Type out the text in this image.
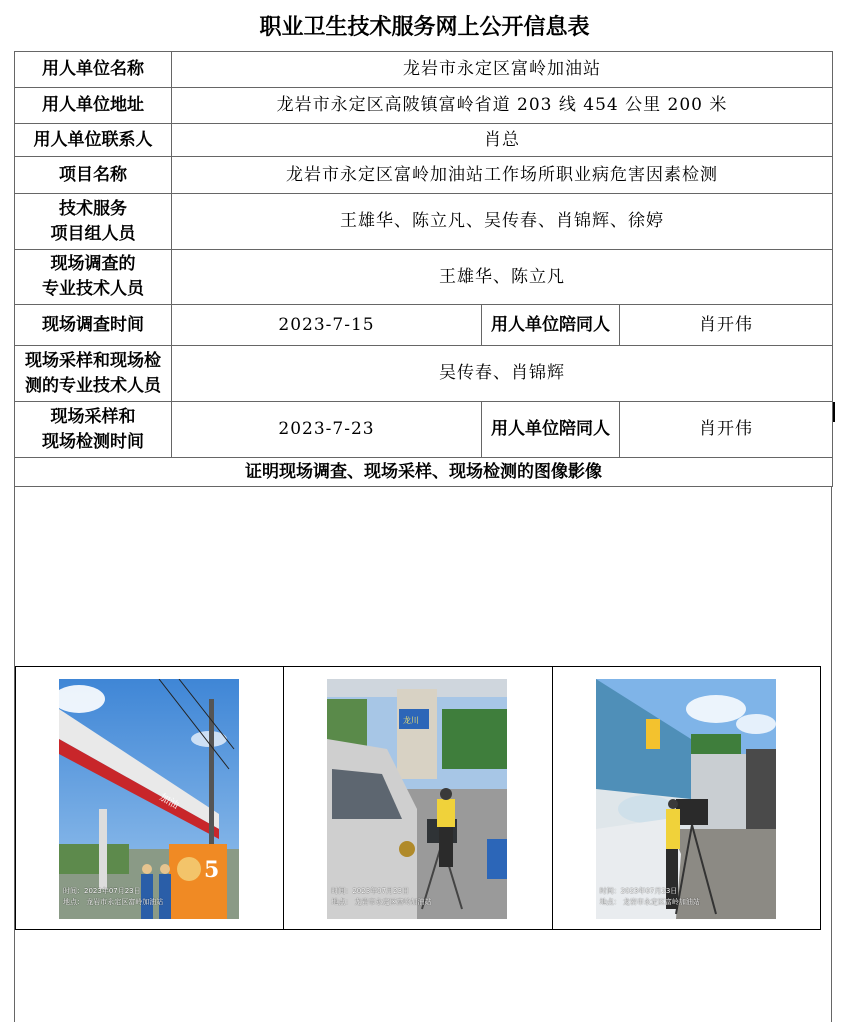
职业卫生技术服务网上公开信息表
用人单位名称	龙岩市永定区富岭加油站		
用人单位地址	龙岩市永定区高陂镇富岭省道 203 线 454 公里 200 米		
用人单位联系人	肖总		
项目名称	龙岩市永定区富岭加油站工作场所职业病危害因素检测		

技术服务
项目组人员	王雄华、陈立凡、吴传春、肖锦辉、徐婷		

现场调查的
专业技术人员	王雄华、陈立凡		
现场调查时间	2023-7-15	用人单位陪同人	肖开伟

现场采样和现场检
测的专业技术人员	吴传春、肖锦辉		

现场采样和
现场检测时间	2023-7-23	用人单位陪同人	肖开伟
证明现场调查、现场采样、现场检测的图像影像			
加油
5
时间：2023年07月23日
地点： 龙岩市永定区富岭加油站
龙川
时间：2023年07月23日
地点： 龙岩市永定区富岭加油站
时间：2023年07月23日
地点： 龙岩市永定区富岭加油站
